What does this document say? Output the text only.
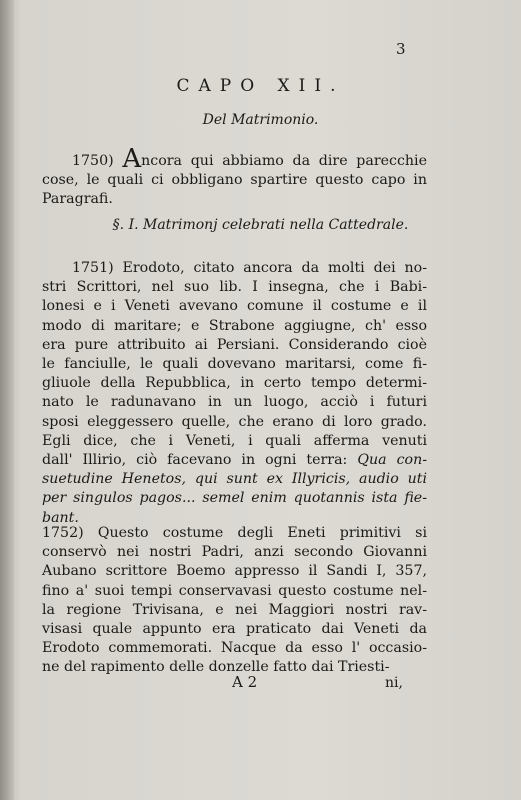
3
CAPO XII.
Del Matrimonio.
1750) Ancora qui abbiamo da dire parecchie
cose, le quali ci obbligano spartire questo capo in
Paragrafi.
§. I. Matrimonj celebrati nella Cattedrale.
1751) Erodoto, citato ancora da molti dei no-
stri Scrittori, nel suo lib. I insegna, che i Babi-
lonesi e i Veneti avevano comune il costume e il
modo di maritare; e Strabone aggiugne, ch' esso
era pure attribuito ai Persiani. Considerando cioè
le fanciulle, le quali dovevano maritarsi, come fi-
gliuole della Repubblica, in certo tempo determi-
nato le radunavano in un luogo, acciò i futuri
sposi eleggessero quelle, che erano di loro grado.
Egli dice, che i Veneti, i quali afferma venuti
dall' Illirio, ciò facevano in ogni terra: Qua con-
suetudine Henetos, qui sunt ex Illyricis, audio uti
per singulos pagos... semel enim quotannis ista fie-
bant.
1752) Questo costume degli Eneti primitivi si
conservò nei nostri Padri, anzi secondo Giovanni
Aubano scrittore Boemo appresso il Sandi I, 357,
fino a' suoi tempi conservavasi questo costume nel-
la regione Trivisana, e nei Maggiori nostri rav-
visasi quale appunto era praticato dai Veneti da
Erodoto commemorati. Nacque da esso l' occasio-
ne del rapimento delle donzelle fatto dai Triesti-
A 2	ni,
